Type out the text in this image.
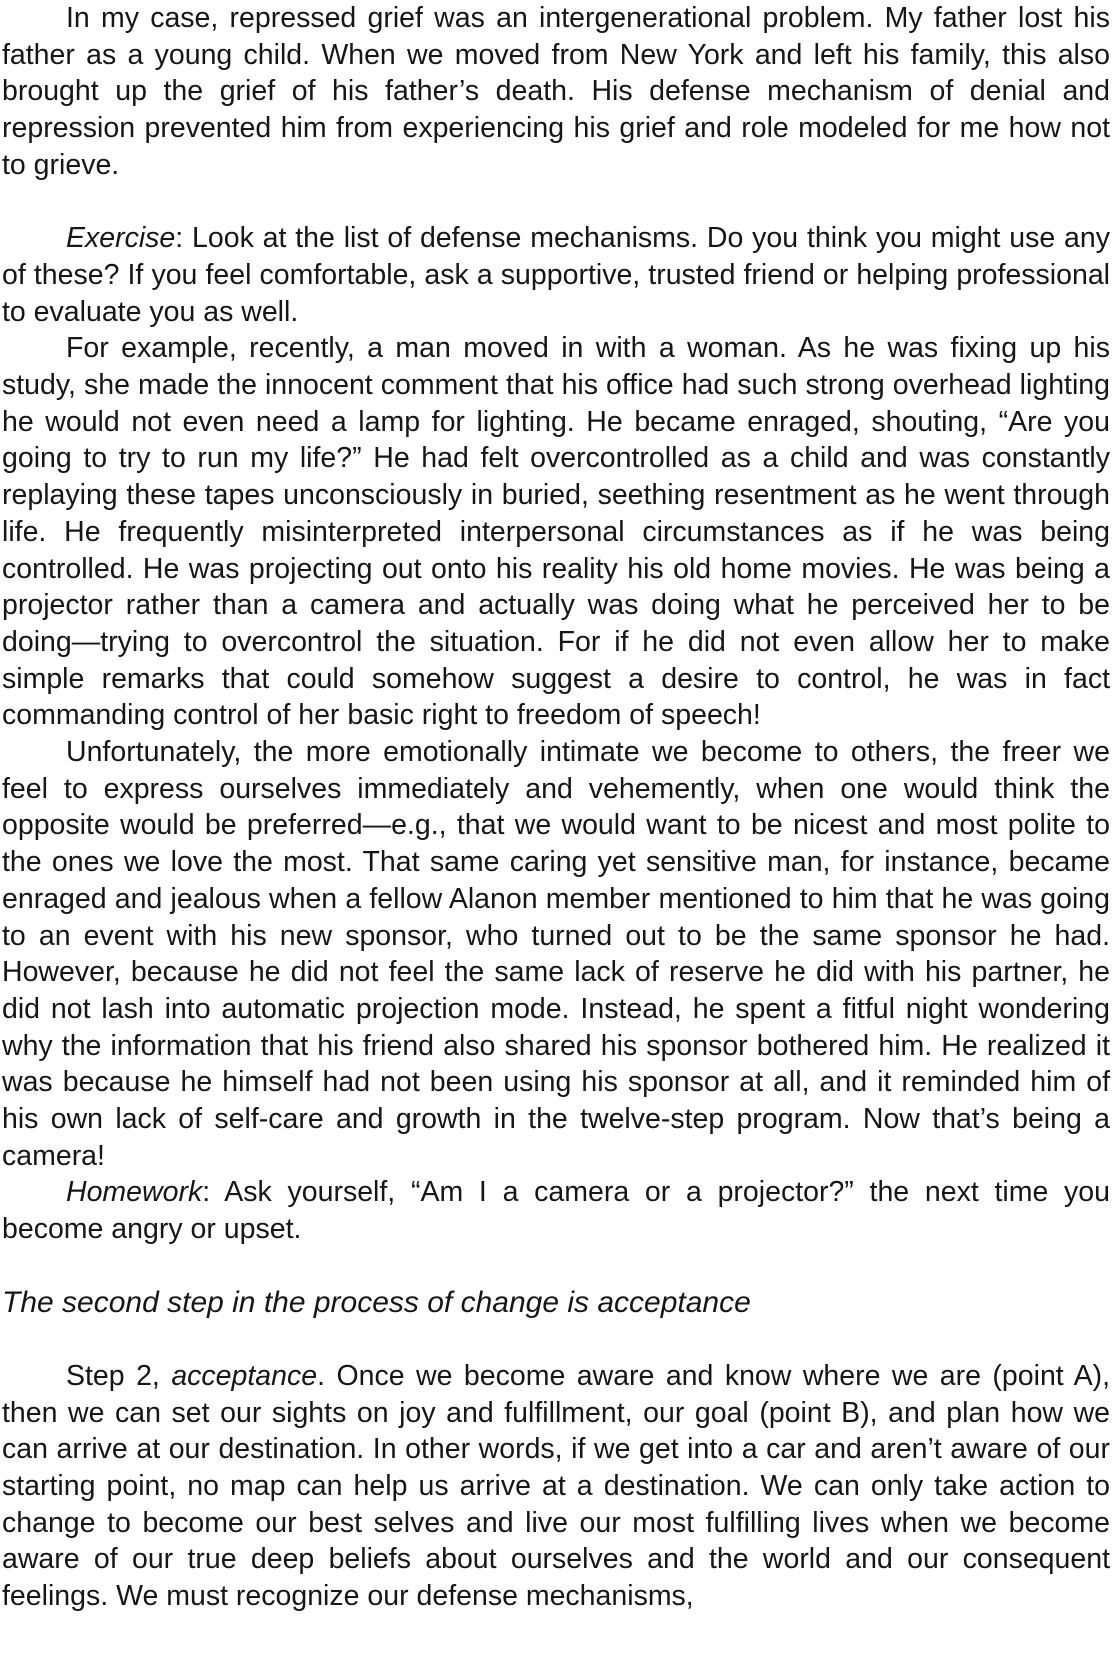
In my case, repressed grief was an intergenerational problem. My father lost his father as a young child. When we moved from New York and left his family, this also brought up the grief of his father’s death. His defense mechanism of denial and repression prevented him from experiencing his grief and role modeled for me how not to grieve.

Exercise: Look at the list of defense mechanisms. Do you think you might use any of these? If you feel comfortable, ask a supportive, trusted friend or helping professional to evaluate you as well.

For example, recently, a man moved in with a woman. As he was fixing up his study, she made the innocent comment that his office had such strong overhead lighting he would not even need a lamp for lighting. He became enraged, shouting, “Are you going to try to run my life?” He had felt overcontrolled as a child and was constantly replaying these tapes unconsciously in buried, seething resentment as he went through life. He frequently misinterpreted interpersonal circumstances as if he was being controlled. He was projecting out onto his reality his old home movies. He was being a projector rather than a camera and actually was doing what he perceived her to be doing—trying to overcontrol the situation. For if he did not even allow her to make simple remarks that could somehow suggest a desire to control, he was in fact commanding control of her basic right to freedom of speech!

Unfortunately, the more emotionally intimate we become to others, the freer we feel to express ourselves immediately and vehemently, when one would think the opposite would be preferred—e.g., that we would want to be nicest and most polite to the ones we love the most. That same caring yet sensitive man, for instance, became enraged and jealous when a fellow Alanon member mentioned to him that he was going to an event with his new sponsor, who turned out to be the same sponsor he had. However, because he did not feel the same lack of reserve he did with his partner, he did not lash into automatic projection mode. Instead, he spent a fitful night wondering why the information that his friend also shared his sponsor bothered him. He realized it was because he himself had not been using his sponsor at all, and it reminded him of his own lack of self-care and growth in the twelve-step program. Now that’s being a camera!

Homework: Ask yourself, “Am I a camera or a projector?” the next time you become angry or upset.

The second step in the process of change is acceptance

Step 2, acceptance. Once we become aware and know where we are (point A), then we can set our sights on joy and fulfillment, our goal (point B), and plan how we can arrive at our destination. In other words, if we get into a car and aren’t aware of our starting point, no map can help us arrive at a destination. We can only take action to change to become our best selves and live our most fulfilling lives when we become aware of our true deep beliefs about ourselves and the world and our consequent feelings. We must recognize our defense mechanisms,
